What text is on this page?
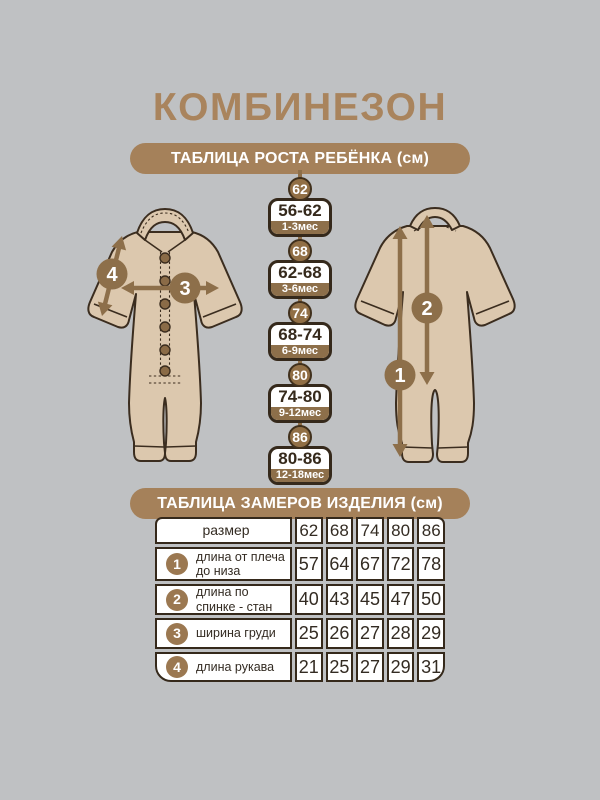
КОМБИНЕЗОН
ТАБЛИЦА РОСТА РЕБЁНКА (см)
62
56-62
1-3мес
68
62-68
3-6мес
74
68-74
6-9мес
80
74-80
9-12мес
86
80-86
12-18мес
3
4
1
2
ТАБЛИЦА ЗАМЕРОВ ИЗДЕЛИЯ (см)
размер	62 68 74 80 86
1	длина от плеча до низа	57 64 67 72 78
2	длина по спинке - стан	40 43 45 47 50
3	ширина груди 25 26 27 28 29
4	длина рукава 21 25 27 29 31
